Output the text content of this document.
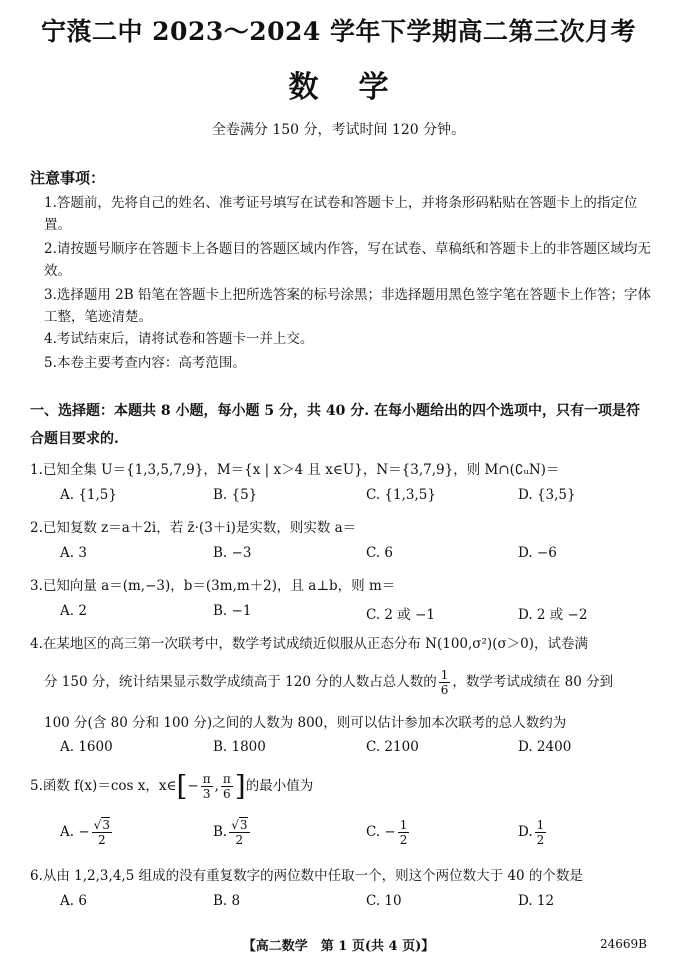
宁蒗二中 2023～2024 学年下学期高二第三次月考
数学
全卷满分 150 分，考试时间 120 分钟。
注意事项：
1.答题前，先将自己的姓名、准考证号填写在试卷和答题卡上，并将条形码粘贴在答题卡上的指定位置。
2.请按题号顺序在答题卡上各题目的答题区域内作答，写在试卷、草稿纸和答题卡上的非答题区域均无效。
3.选择题用 2B 铅笔在答题卡上把所选答案的标号涂黑；非选择题用黑色签字笔在答题卡上作答；字体工整，笔迹清楚。
4.考试结束后，请将试卷和答题卡一并上交。
5.本卷主要考查内容：高考范围。
一、选择题：本题共 8 小题，每小题 5 分，共 40 分. 在每小题给出的四个选项中，只有一项是符合题目要求的.
1.已知全集 U＝{1,3,5,7,9}，M＝{x | x＞4 且 x∈U}，N＝{3,7,9}，则 M∩(∁ᵤN)＝
A. {1,5}	B. {5}	C. {1,3,5}	D. {3,5}
2.已知复数 z＝a＋2i，若 z̄·(3＋i)是实数，则实数 a＝
A. 3	B. −3	C. 6	D. −6
3.已知向量 a＝(m,−3)，b＝(3m,m＋2)，且 a⊥b，则 m＝
A. 2	B. −1	C. 2 或 −1	D. 2 或 −2
4.在某地区的高三第一次联考中，数学考试成绩近似服从正态分布 N(100,σ²)(σ＞0)，试卷满
分 150 分，统计结果显示数学成绩高于 120 分的人数占总人数的 $\frac{1}{6}$ ，数学考试成绩在 80 分到
100 分(含 80 分和 100 分)之间的人数为 800，则可以估计参加本次联考的总人数约为
A. 1600	B. 1800	C. 2100	D. 2400
5.函数 f(x)＝cos x，x∈[− $\frac{\pi}{3}$ , $\frac{\pi}{6}$ ]的最小值为
A. − $\frac{√3}{2}$	B. $\frac{√3}{2}$	C. − $\frac{1}{2}$	D. $\frac{1}{2}$
6.从由 1,2,3,4,5 组成的没有重复数字的两位数中任取一个，则这个两位数大于 40 的个数是
A. 6	B. 8	C. 10	D. 12
【高二数学　第 1 页(共 4 页)】	24669B
